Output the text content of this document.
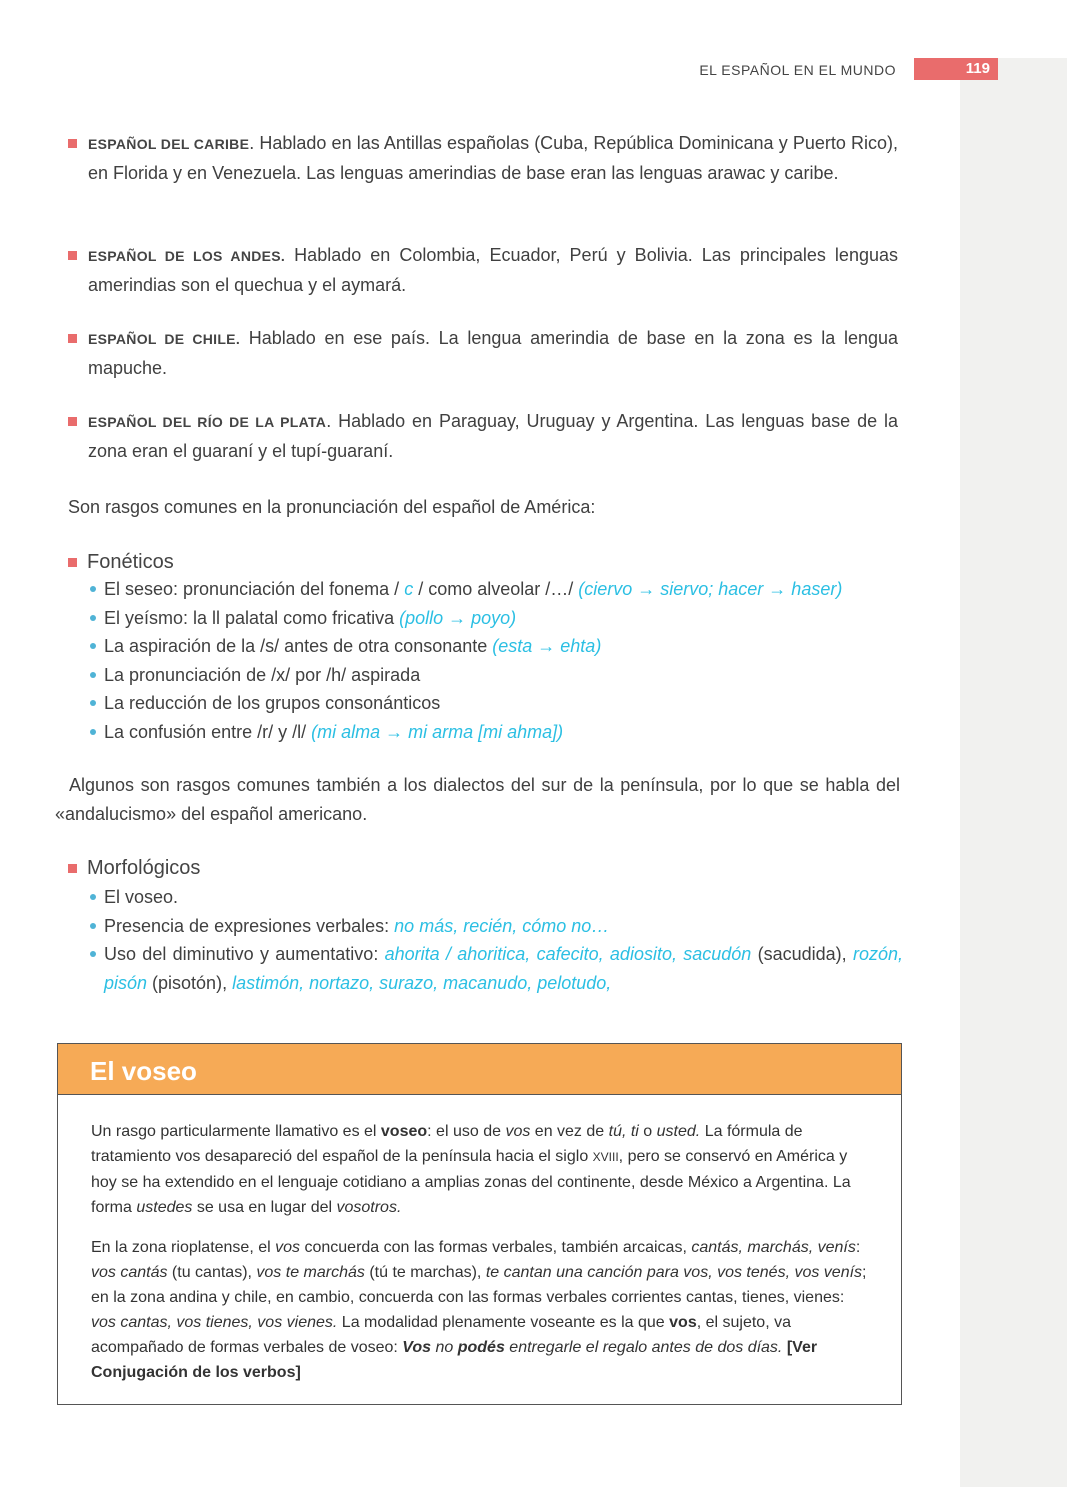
EL ESPAÑOL EN EL MUNDO	119
ESPAÑOL DEL CARIBE. Hablado en las Antillas españolas (Cuba, República Dominicana y Puerto Rico), en Florida y en Venezuela. Las lenguas amerindias de base eran las lenguas arawac y caribe.
ESPAÑOL DE LOS ANDES. Hablado en Colombia, Ecuador, Perú y Bolivia. Las principales lenguas amerindias son el quechua y el aymará.
ESPAÑOL DE CHILE. Hablado en ese país. La lengua amerindia de base en la zona es la lengua mapuche.
ESPAÑOL DEL RÍO DE LA PLATA. Hablado en Paraguay, Uruguay y Argentina. Las lenguas base de la zona eran el guaraní y el tupí-guaraní.
Son rasgos comunes en la pronunciación del español de América:
Fonéticos
El seseo: pronunciación del fonema / c / como alveolar /…/ (ciervo → siervo; hacer → haser)
El yeísmo: la ll palatal como fricativa (pollo → poyo)
La aspiración de la /s/ antes de otra consonante (esta → ehta)
La pronunciación de /x/ por /h/ aspirada
La reducción de los grupos consonánticos
La confusión entre /r/ y /l/ (mi alma → mi arma [mi ahma])
Algunos son rasgos comunes también a los dialectos del sur de la península, por lo que se habla del «andalucismo» del español americano.
Morfológicos
El voseo.
Presencia de expresiones verbales: no más, recién, cómo no…
Uso del diminutivo y aumentativo: ahorita / ahoritica, cafecito, adiosito, sacudón (sacudida), rozón, pisón (pisotón), lastimón, nortazo, surazo, macanudo, pelotudo,
El voseo
Un rasgo particularmente llamativo es el voseo: el uso de vos en vez de tú, ti o usted. La fórmula de tratamiento vos desapareció del español de la península hacia el siglo XVIII, pero se conservó en América y hoy se ha extendido en el lenguaje cotidiano a amplias zonas del continente, desde México a Argentina. La forma ustedes se usa en lugar del vosotros.
En la zona rioplatense, el vos concuerda con las formas verbales, también arcaicas, cantás, marchás, venís: vos cantás (tu cantas), vos te marchás (tú te marchas), te cantan una canción para vos, vos tenés, vos venís; en la zona andina y chile, en cambio, concuerda con las formas verbales corrientes cantas, tienes, vienes: vos cantas, vos tienes, vos vienes. La modalidad plenamente voseante es la que vos, el sujeto, va acompañado de formas verbales de voseo: Vos no podés entregarle el regalo antes de dos días. [Ver Conjugación de los verbos]
